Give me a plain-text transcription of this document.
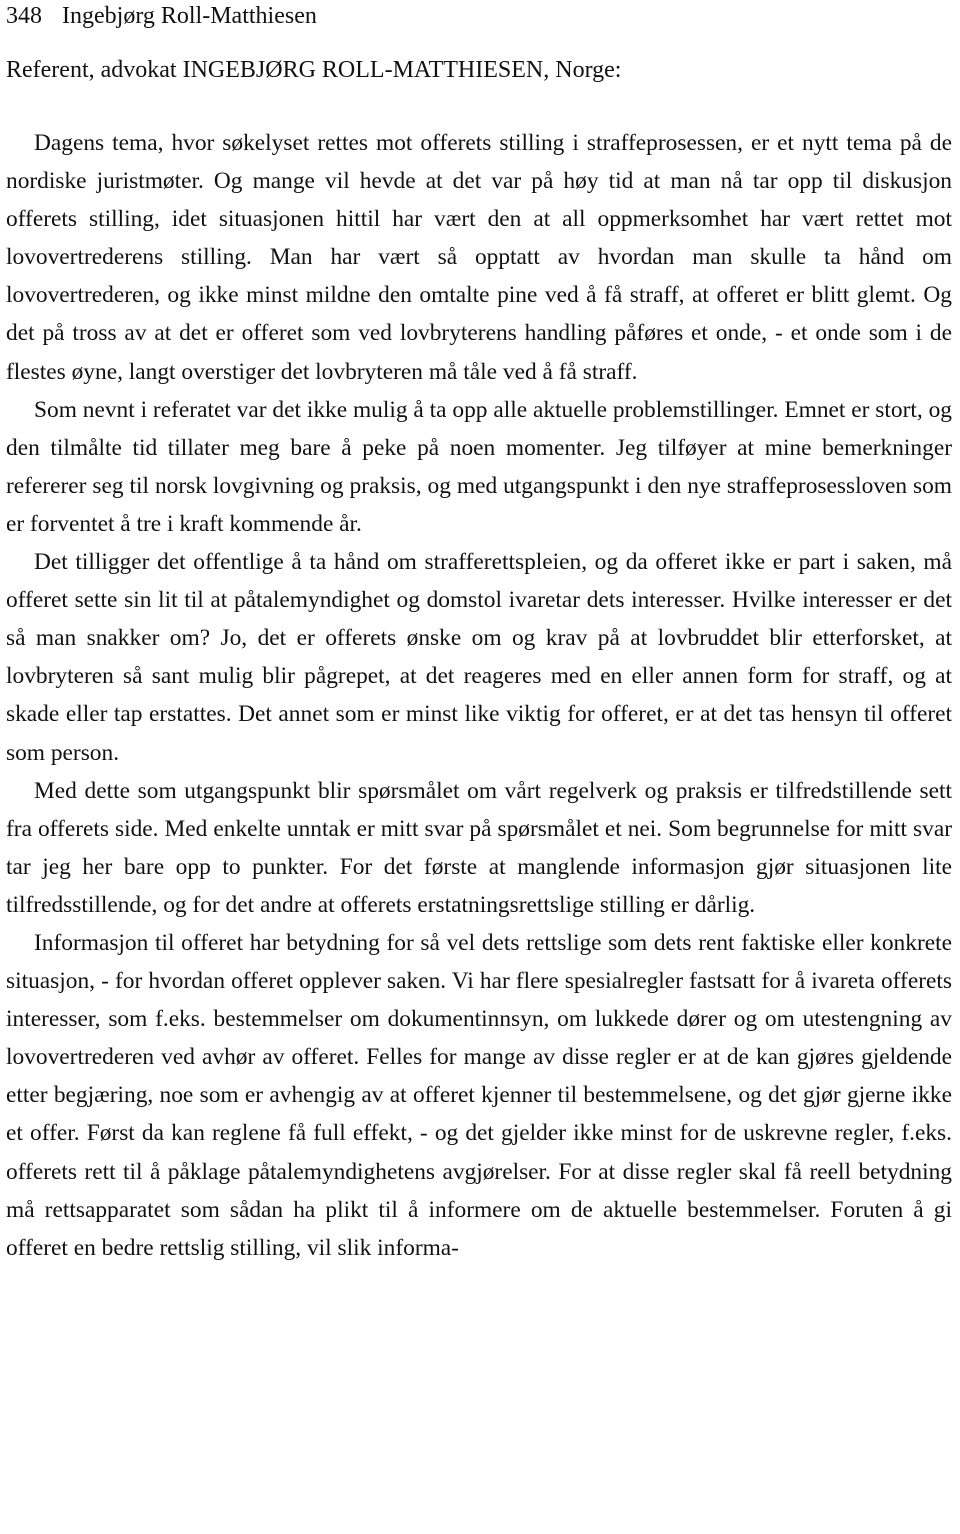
348 Ingebjørg Roll-Matthiesen
Referent, advokat INGEBJØRG ROLL-MATTHIESEN, Norge:

Dagens tema, hvor søkelyset rettes mot offerets stilling i straffeprosessen, er et nytt tema på de nordiske juristmøter. Og mange vil hevde at det var på høy tid at man nå tar opp til diskusjon offerets stilling, idet situasjonen hittil har vært den at all oppmerksomhet har vært rettet mot lovovertrederens stilling. Man har vært så opptatt av hvordan man skulle ta hånd om lovovertrederen, og ikke minst mildne den omtalte pine ved å få straff, at offeret er blitt glemt. Og det på tross av at det er offeret som ved lovbryterens handling påføres et onde, - et onde som i de flestes øyne, langt overstiger det lovbryteren må tåle ved å få straff.

Som nevnt i referatet var det ikke mulig å ta opp alle aktuelle problemstillinger. Emnet er stort, og den tilmålte tid tillater meg bare å peke på noen momenter. Jeg tilføyer at mine bemerkninger refererer seg til norsk lovgivning og praksis, og med utgangspunkt i den nye straffeprosessloven som er forventet å tre i kraft kommende år.

Det tilligger det offentlige å ta hånd om strafferettspleien, og da offeret ikke er part i saken, må offeret sette sin lit til at påtalemyndighet og domstol ivaretar dets interesser. Hvilke interesser er det så man snakker om? Jo, det er offerets ønske om og krav på at lovbruddet blir etterforsket, at lovbryteren så sant mulig blir pågrepet, at det reageres med en eller annen form for straff, og at skade eller tap erstattes. Det annet som er minst like viktig for offeret, er at det tas hensyn til offeret som person.

Med dette som utgangspunkt blir spørsmålet om vårt regelverk og praksis er tilfredstillende sett fra offerets side. Med enkelte unntak er mitt svar på spørsmålet et nei. Som begrunnelse for mitt svar tar jeg her bare opp to punkter. For det første at manglende informasjon gjør situasjonen lite tilfredsstillende, og for det andre at offerets erstatningsrettslige stilling er dårlig.

Informasjon til offeret har betydning for så vel dets rettslige som dets rent faktiske eller konkrete situasjon, - for hvordan offeret opplever saken. Vi har flere spesialregler fastsatt for å ivareta offerets interesser, som f.eks. bestemmelser om dokumentinnsyn, om lukkede dører og om utestengning av lovovertrederen ved avhør av offeret. Felles for mange av disse regler er at de kan gjøres gjeldende etter begjæring, noe som er avhengig av at offeret kjenner til bestemmelsene, og det gjør gjerne ikke et offer. Først da kan reglene få full effekt, - og det gjelder ikke minst for de uskrevne regler, f.eks. offerets rett til å påklage påtalemyndighetens avgjørelser. For at disse regler skal få reell betydning må rettsapparatet som sådan ha plikt til å informere om de aktuelle bestemmelser. Foruten å gi offeret en bedre rettslig stilling, vil slik informa-
